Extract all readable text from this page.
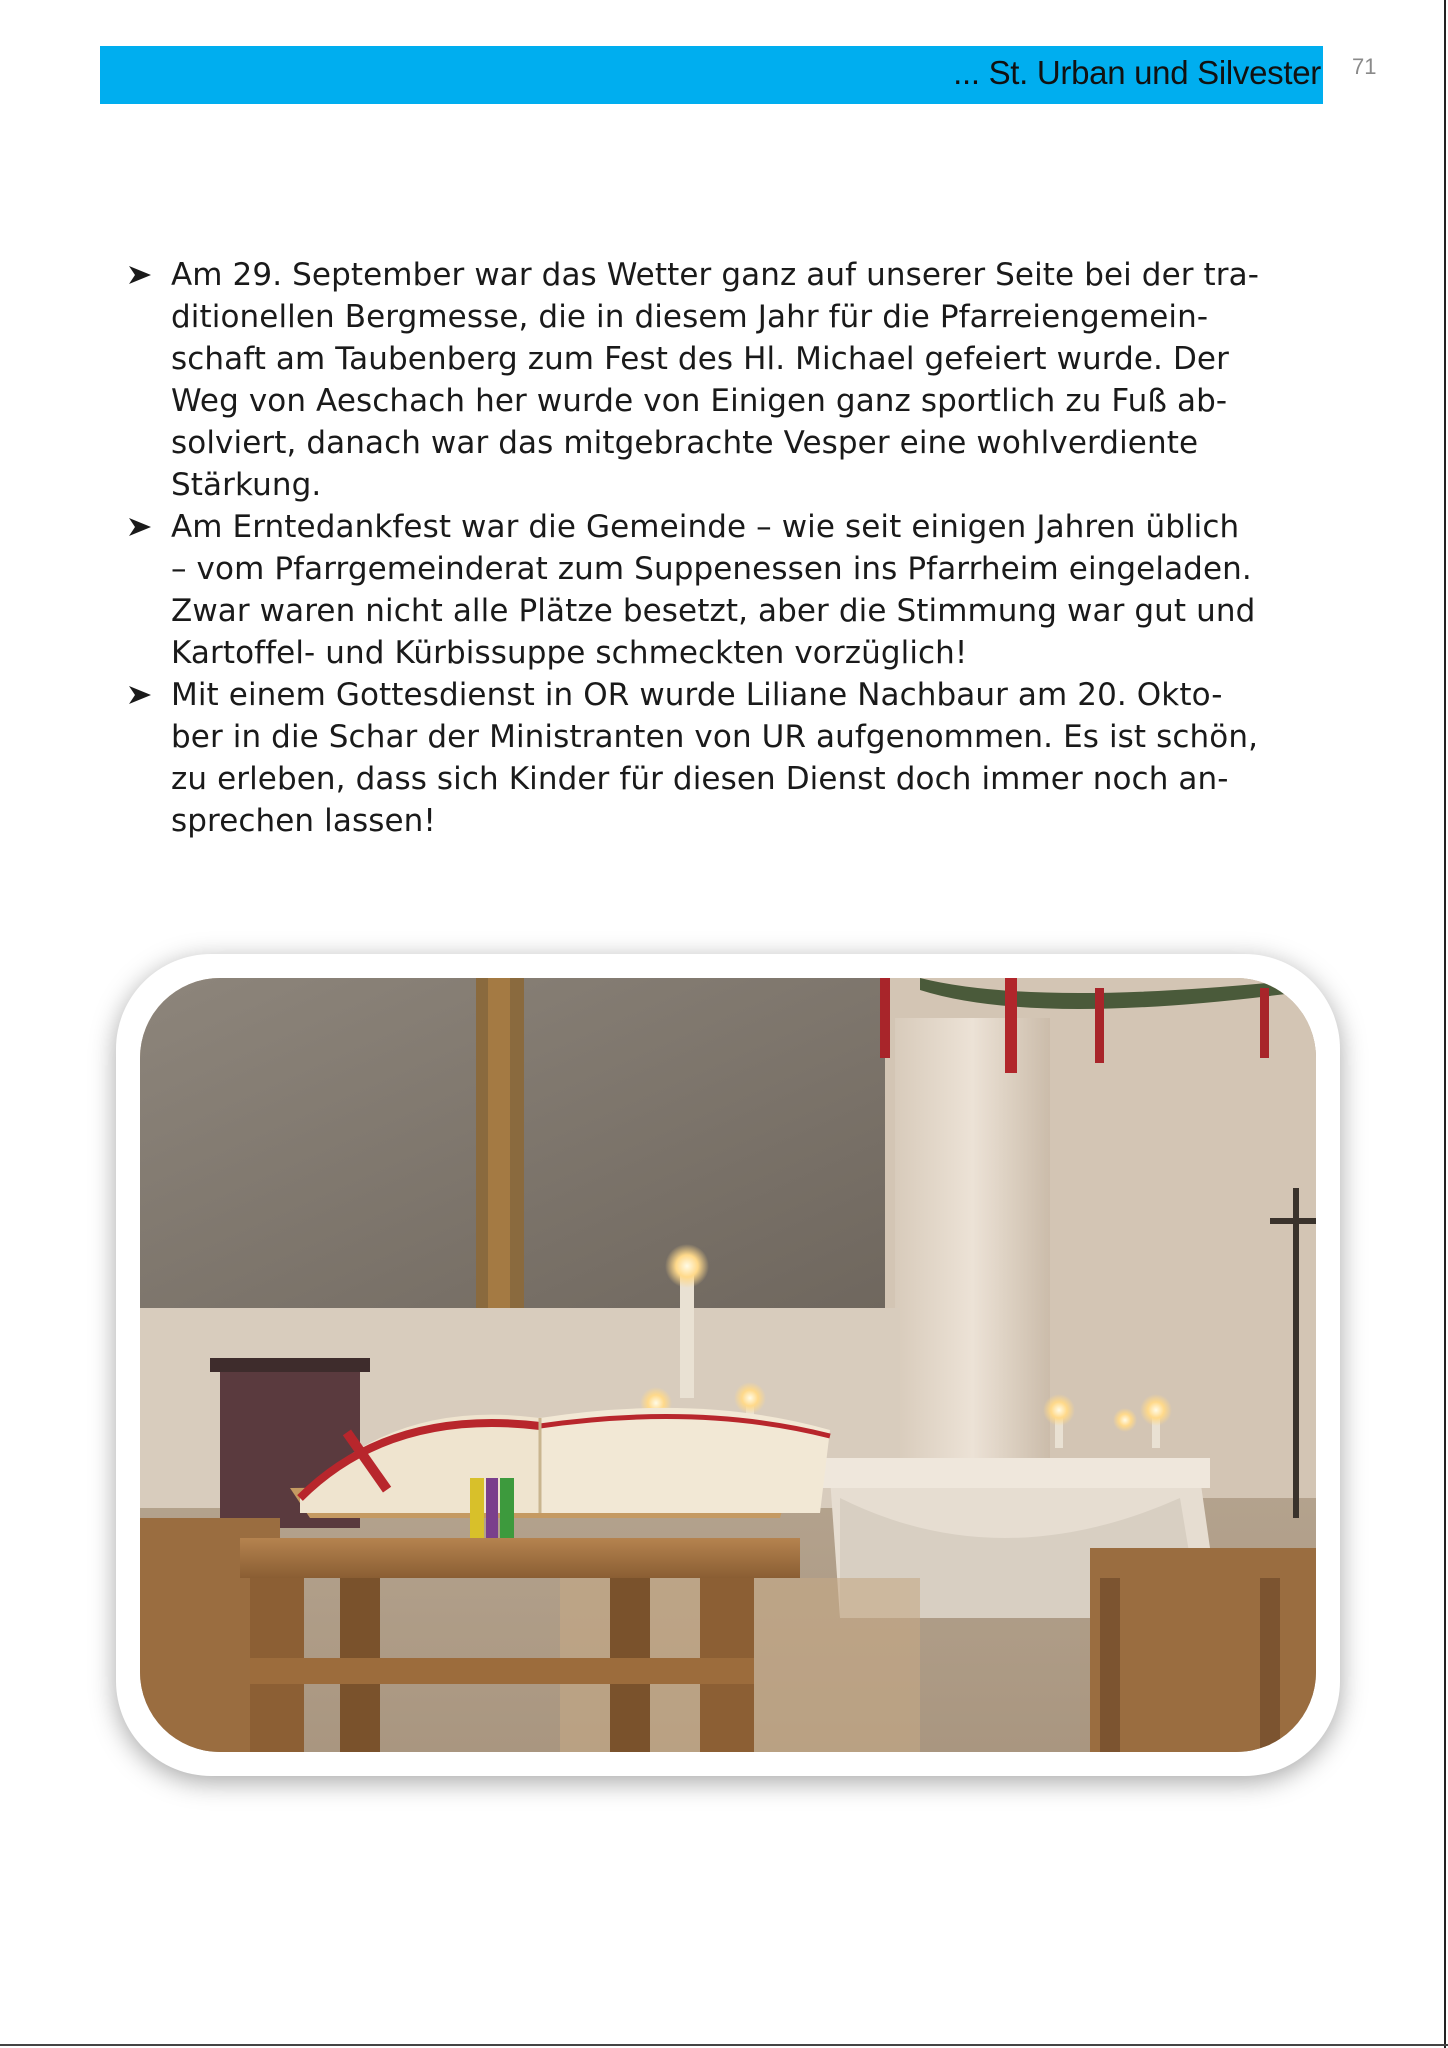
... St. Urban und Silvester 71
Am 29. September war das Wetter ganz auf unserer Seite bei der tra-
ditionellen Bergmesse, die in diesem Jahr für die Pfarreiengemein-
schaft am Taubenberg zum Fest des Hl. Michael gefeiert wurde. Der
Weg von Aeschach her wurde von Einigen ganz sportlich zu Fuß ab-
solviert, danach war das mitgebrachte Vesper eine wohlverdiente
Stärkung.
Am Erntedankfest war die Gemeinde – wie seit einigen Jahren üblich
– vom Pfarrgemeinderat zum Suppenessen ins Pfarrheim eingeladen.
Zwar waren nicht alle Plätze besetzt, aber die Stimmung war gut und
Kartoffel- und Kürbissuppe schmeckten vorzüglich!
Mit einem Gottesdienst in OR wurde Liliane Nachbaur am 20. Okto-
ber in die Schar der Ministranten von UR aufgenommen. Es ist schön,
zu erleben, dass sich Kinder für diesen Dienst doch immer noch an-
sprechen lassen!
